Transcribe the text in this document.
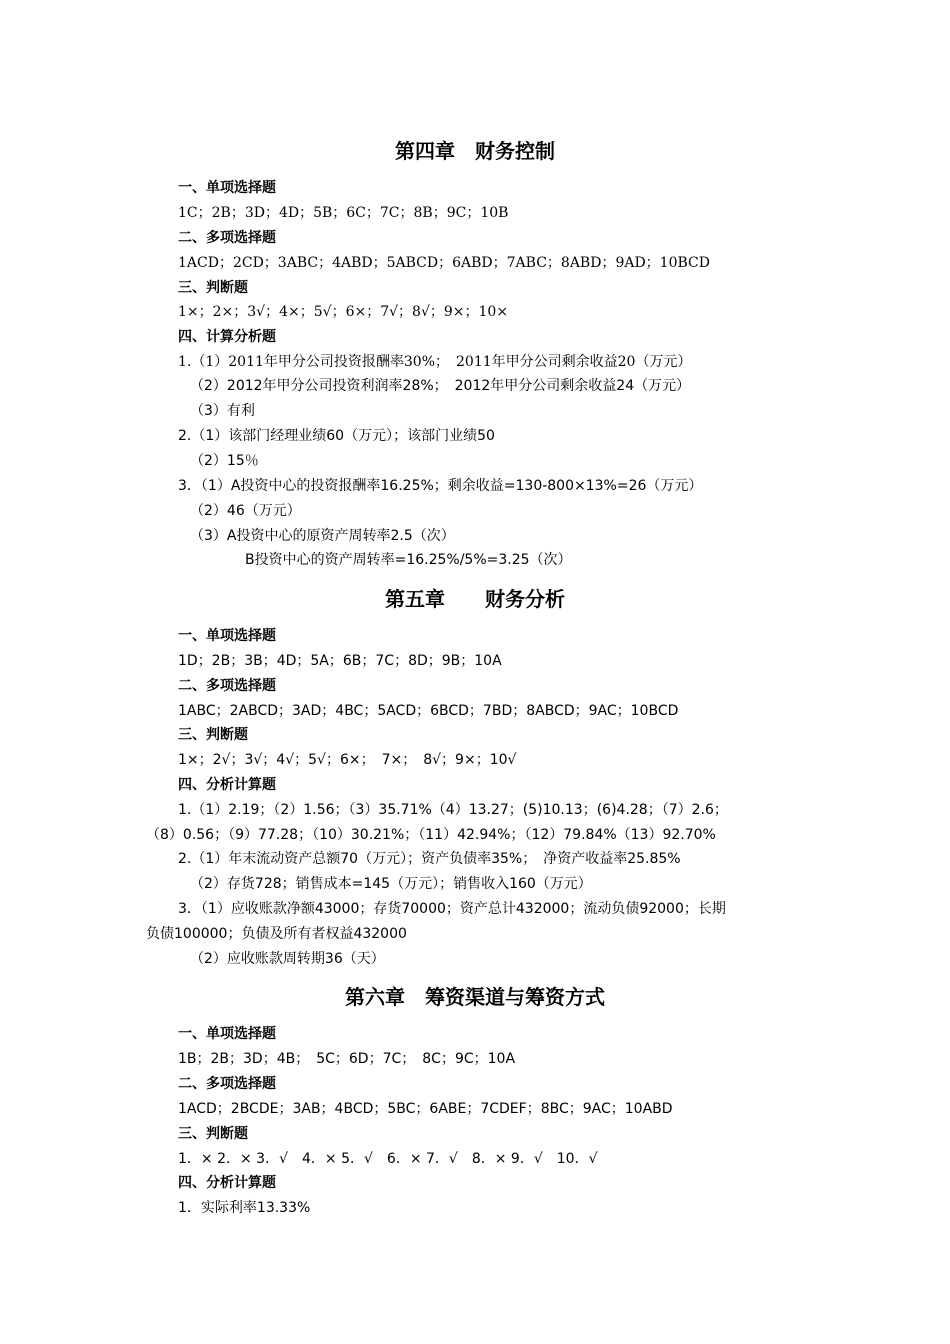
第四章　财务控制
一、单项选择题
1C；2B；3D；4D；5B；6C；7C；8B；9C；10B
二、多项选择题
1ACD；2CD；3ABC；4ABD；5ABCD；6ABD；7ABC；8ABD；9AD；10BCD
三、判断题
1×；2×；3√；4×；5√；6×；7√；8√；9×；10×
四、计算分析题
1.（1）2011年甲分公司投资报酬率30%；　2011年甲分公司剩余收益20（万元）
（2）2012年甲分公司投资利润率28%；　2012年甲分公司剩余收益24（万元）
（3）有利
2.（1）该部门经理业绩60（万元）；该部门业绩50
（2）15％
3．（1）A投资中心的投资报酬率16.25%；剩余收益=130-800×13%=26（万元）
（2）46（万元）
（3）A投资中心的原资产周转率2.5（次）
B投资中心的资产周转率=16.25%/5%=3.25（次）
第五章　　财务分析
一、单项选择题
1D；2B；3B；4D；5A；6B；7C；8D；9B；10A
二、多项选择题
1ABC；2ABCD；3AD；4BC；5ACD；6BCD；7BD；8ABCD；9AC；10BCD
三、判断题
1×；2√；3√；4√；5√；6×；　7×；　8√；9×；10√
四、分析计算题
1.（1）2.19；（2）1.56；（3）35.71%（4）13.27；(5)10.13；(6)4.28；（7）2.6；
（8）0.56；（9）77.28；（10）30.21%；（11）42.94%；（12）79.84%（13）92.70%
2.（1）年末流动资产总额70（万元）；资产负债率35%；　净资产收益率25.85%
（2）存货728；销售成本=145（万元）；销售收入160（万元）
3．（1）应收账款净额43000；存货70000；资产总计432000；流动负债92000；长期
负债100000；负债及所有者权益432000
（2）应收账款周转期36（天）
第六章　筹资渠道与筹资方式
一、单项选择题
1B；2B；3D；4B；　5C；6D；7C；　8C；9C；10A
二、多项选择题
1ACD；2BCDE；3AB；4BCD；5BC；6ABE；7CDEF；8BC；9AC；10ABD
三、判断题
1．× 2．× 3．√　4．× 5．√　6．× 7．√　8．× 9．√　10．√
四、分析计算题
1．实际利率13.33%
